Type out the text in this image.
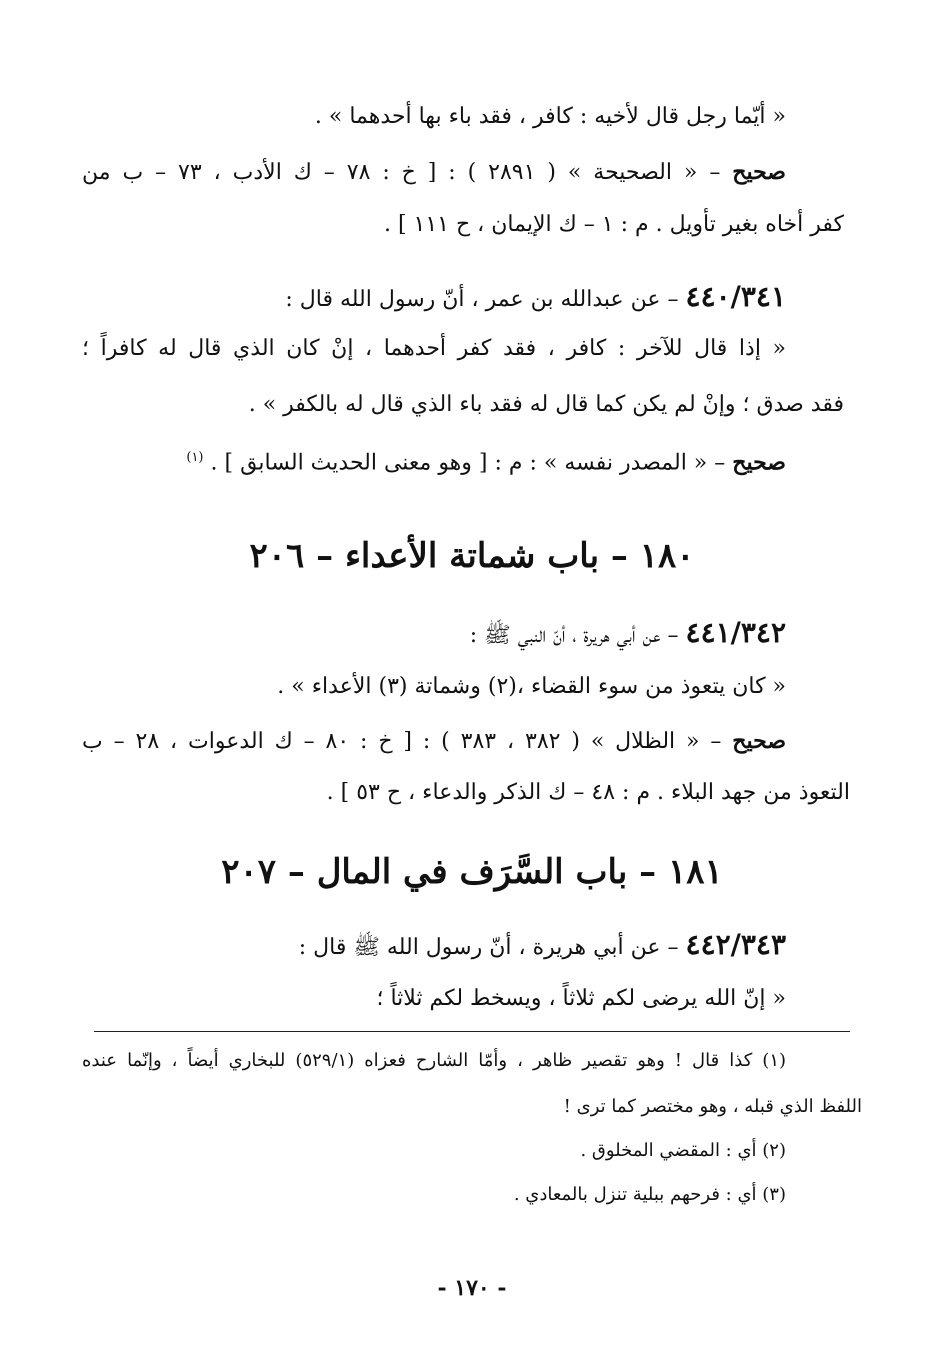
« أيّما رجل قال لأخيه : كافر ، فقد باء بها أحدهما » .
صحيح – « الصحيحة » ( ٢٨٩١ ) : [ خ : ٧٨ – ك الأدب ، ٧٣ – ب من
كفر أخاه بغير تأويل . م : ١ – ك الإيمان ، ح ١١١ ] .
٤٤٠/٣٤١ – عن عبدالله بن عمر ، أنّ رسول الله قال :
« إذا قال للآخر : كافر ، فقد كفر أحدهما ، إنْ كان الذي قال له كافراً ؛
فقد صدق ؛ وإنْ لم يكن كما قال له فقد باء الذي قال له بالكفر » .
صحيح – « المصدر نفسه » : م : [ وهو معنى الحديث السابق ] . $^{(١)}$
١٨٠ – باب شماتة الأعداء – ٢٠٦
٤٤١/٣٤٢ – عن أبي هريرة ، أنّ النبي ﷺ :
« كان يتعوذ من سوء القضاء ،(٢) وشماتة (٣) الأعداء » .
صحيح – « الظلال » ( ٣٨٢ ، ٣٨٣ ) : [ خ : ٨٠ – ك الدعوات ، ٢٨ – ب
التعوذ من جهد البلاء . م : ٤٨ – ك الذكر والدعاء ، ح ٥٣ ] .
١٨١ – باب السَّرَف في المال – ٢٠٧
٤٤٢/٣٤٣ – عن أبي هريرة ، أنّ رسول الله ﷺ قال :
« إنّ الله يرضى لكم ثلاثاً ، ويسخط لكم ثلاثاً ؛
(١) كذا قال ! وهو تقصير ظاهر ، وأمّا الشارح فعزاه (٥٢٩/١) للبخاري أيضاً ، وإنّما عنده
اللفظ الذي قبله ، وهو مختصر كما ترى !
(٢) أي : المقضي المخلوق .
(٣) أي : فرحهم ببلية تنزل بالمعادي .
- ١٧٠ -
